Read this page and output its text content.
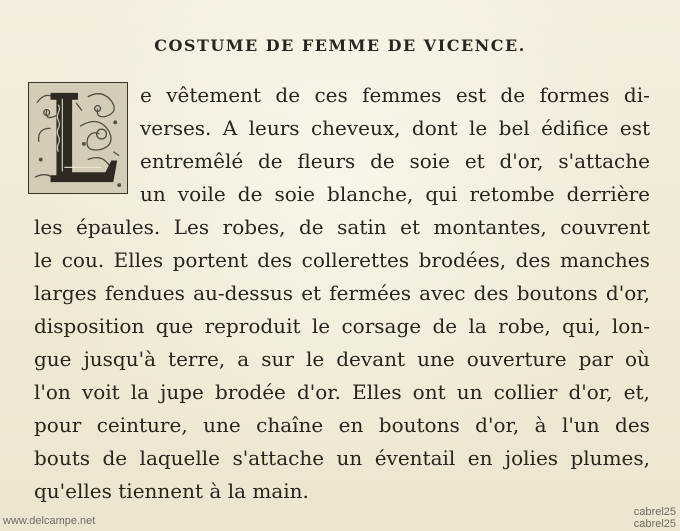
COSTUME DE FEMME DE VICENCE.
e vêtement de ces femmes est de formes di-
verses. A leurs cheveux, dont le bel édifice est
entremêlé de fleurs de soie et d'or, s'attache
un voile de soie blanche, qui retombe derrière
les épaules. Les robes, de satin et montantes, couvrent
le cou. Elles portent des collerettes brodées, des manches
larges fendues au-dessus et fermées avec des boutons d'or,
disposition que reproduit le corsage de la robe, qui, lon-
gue jusqu'à terre, a sur le devant une ouverture par où
l'on voit la jupe brodée d'or. Elles ont un collier d'or, et,
pour ceinture, une chaîne en boutons d'or, à l'un des
bouts de laquelle s'attache un éventail en jolies plumes,
qu'elles tiennent à la main.
www.delcampe.net
cabrel25
cabrel25
